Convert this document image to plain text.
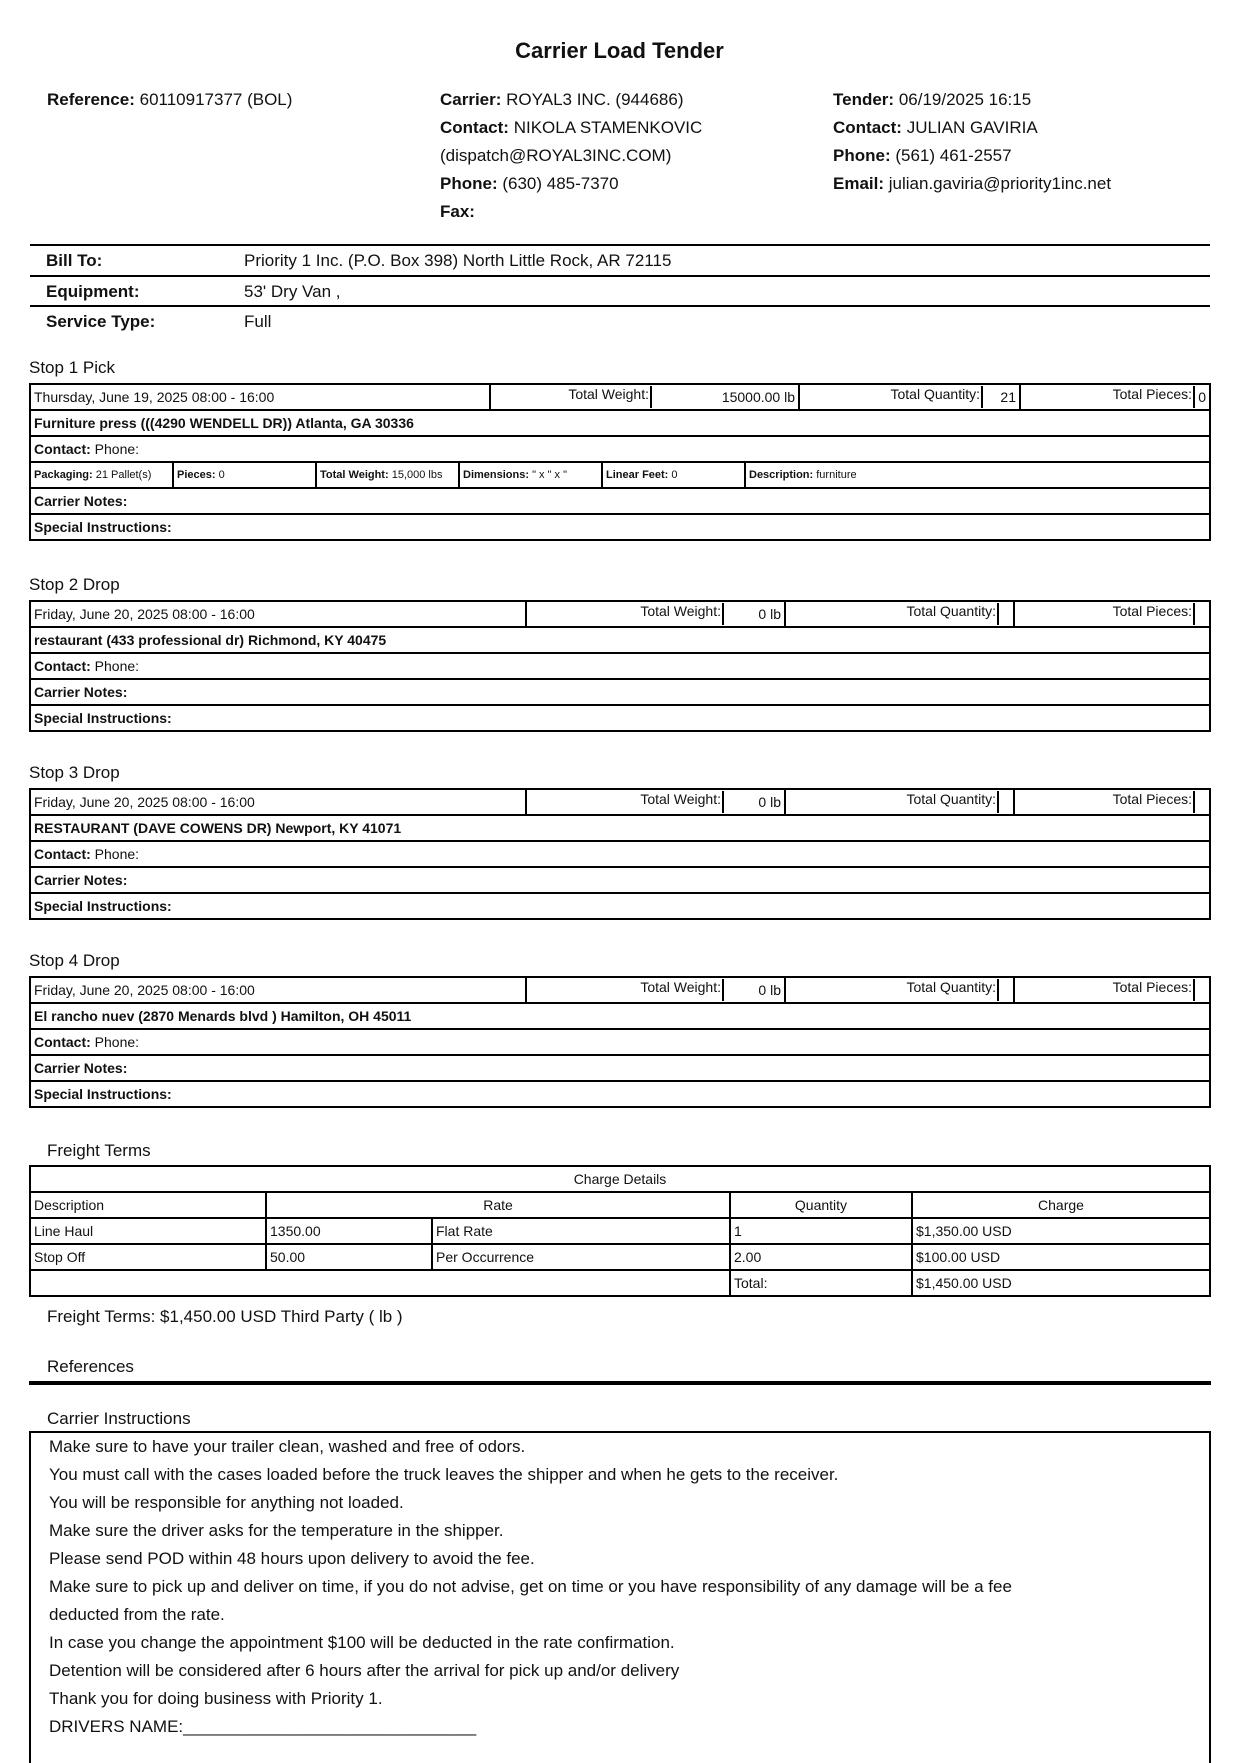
Carrier Load Tender
Reference: 60110917377 (BOL)	Carrier: ROYAL3 INC. (944686)
Contact: NIKOLA STAMENKOVIC
(dispatch@ROYAL3INC.COM)
Phone: (630) 485-7370
Fax:
Tender: 06/19/2025 16:15
Contact: JULIAN GAVIRIA
Phone: (561) 461-2557
Email: julian.gaviria@priority1inc.net
Bill To:	Priority 1 Inc. (P.O. Box 398) North Little Rock, AR 72115
Equipment:	53' Dry Van ,
Service Type:	Full
Stop 1 Pick
Thursday, June 19, 2025 08:00 - 16:00	Total Weight:	15000.00 lb	Total Quantity: 21	Total Pieces: 0

Furniture press (((4290 WENDELL DR)) Atlanta, GA 30336
Contact: Phone:
Packaging: 21 Pallet(s)	Pieces: 0	Total Weight: 15,000 lbs	Dimensions: " x " x "	Linear Feet: 0	Description: furniture
Carrier Notes:
Special Instructions:
Stop 2 Drop
Friday, June 20, 2025 08:00 - 16:00	Total Weight:	0 lb	Total Quantity:	Total Pieces:

restaurant (433 professional dr) Richmond, KY 40475
Contact: Phone:
Carrier Notes:
Special Instructions:
Stop 3 Drop
Friday, June 20, 2025 08:00 - 16:00	Total Weight:	0 lb	Total Quantity:	Total Pieces:

RESTAURANT (DAVE COWENS DR) Newport, KY 41071
Contact: Phone:
Carrier Notes:
Special Instructions:
Stop 4 Drop
Friday, June 20, 2025 08:00 - 16:00	Total Weight:	0 lb	Total Quantity:	Total Pieces:

El rancho nuev (2870 Menards blvd ) Hamilton, OH 45011
Contact: Phone:
Carrier Notes:
Special Instructions:
Freight Terms
Charge Details				
Description	Rate		Quantity	Charge
Line Haul	1350.00	Flat Rate	1	$1,350.00 USD
Stop Off	50.00	Per Occurrence	2.00	$100.00 USD
			Total:	$1,450.00 USD
Freight Terms: $1,450.00 USD Third Party ( lb )
References
Carrier Instructions
Make sure to have your trailer clean, washed and free of odors.
You must call with the cases loaded before the truck leaves the shipper and when he gets to the receiver.
You will be responsible for anything not loaded.
Make sure the driver asks for the temperature in the shipper.
Please send POD within 48 hours upon delivery to avoid the fee.
Make sure to pick up and deliver on time, if you do not advise, get on time or you have responsibility of any damage will be a fee
deducted from the rate.
In case you change the appointment $100 will be deducted in the rate confirmation.
Detention will be considered after 6 hours after the arrival for pick up and/or delivery
Thank you for doing business with Priority 1.
DRIVERS NAME:_______________________________
